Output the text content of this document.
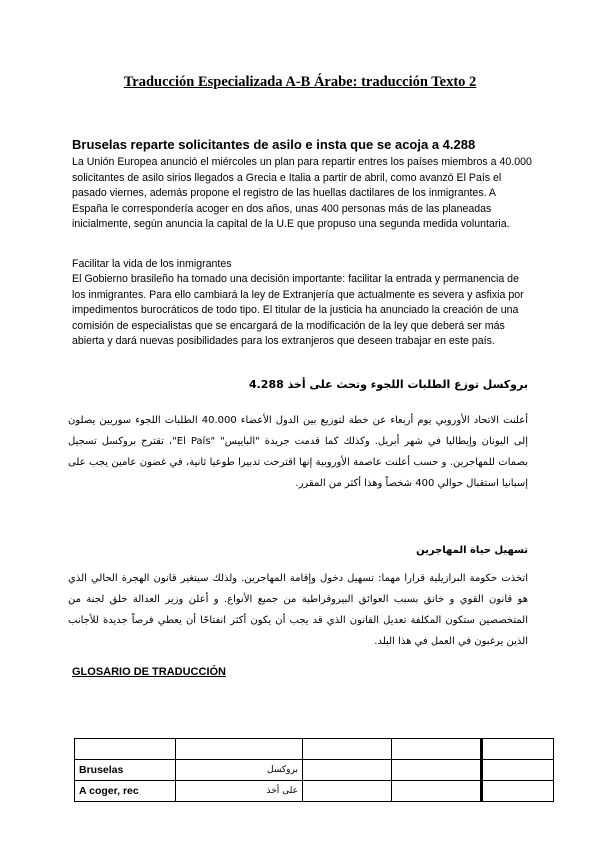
Traducción Especializada A-B Árabe: traducción Texto 2
Bruselas reparte solicitantes de asilo e insta que se acoja a 4.288
La Unión Europea anunció el miércoles un plan para repartir entres los países miembros a 40.000 solicitantes de asilo sirios llegados a Grecia e Italia a partir de abril, como avanzó El País el pasado viernes, además propone el registro de las huellas dactilares de los inmigrantes. A España le correspondería acoger en dos años, unas 400 personas más de las planeadas inicialmente, según anuncia la capital de la U.E que propuso una segunda medida voluntaria.
Facilitar la vida de los inmigrantes
El Gobierno brasileño ha tomado una decisión importante: facilitar la entrada y permanencia de los inmigrantes. Para ello cambiará la ley de Extranjería que actualmente es severa y asfixia por impedimentos burocráticos de todo tipo. El titular de la justicia ha anunciado la creación de una comisión de especialistas que se encargará de la modificación de la ley que deberá ser más abierta y dará nuevas posibilidades para los extranjeros que deseen trabajar en este país.
بروكسل توزع الطلبات اللجوء وتحث على أخذ 4.288
أعلنت الاتحاد الأوروبي يوم أربعاء عن خطة لتوزيع بين الدول الأعضاء 40.000 الطلبات اللجوء سوريين يصلون إلى اليونان وإيطاليا في شهر أبريل. وكذلك كما قدمت جريدة "الباييس" "El País"، تقترح بروكسل تسجيل بصمات للمهاجرين. و حسب أعلنت عاصمة الأوروبية إنها اقترحت تدبيرا طوعيا ثانية، في غضون عامين يجب على إسبانيا استقبال حوالي 400 شخصاً وهذا أكثر من المقرر.
تسهيل حياة المهاجرين
اتخذت حكومة البرازيلية قرارا مهما: تسهيل دخول وإقامة المهاجرين. ولذلك سيتغير قانون الهجرة الحالي الذي هو قانون القوي و خانق بسبب العوائق البيروقراطية من جميع الأنواع. و أعلن وزير العدالة خلق لجنة من المتخصصين ستكون المكلفة تعديل القانون الذي قد يجب أن يكون أكثر انفتاحًا أن يعطي فرصاً جديدة للأجانب الذين يرغبون في العمل في هذا البلد.
GLOSARIO DE TRADUCCIÓN

Bruselas	بروكسل					
A coger, rec	على أخذ					
